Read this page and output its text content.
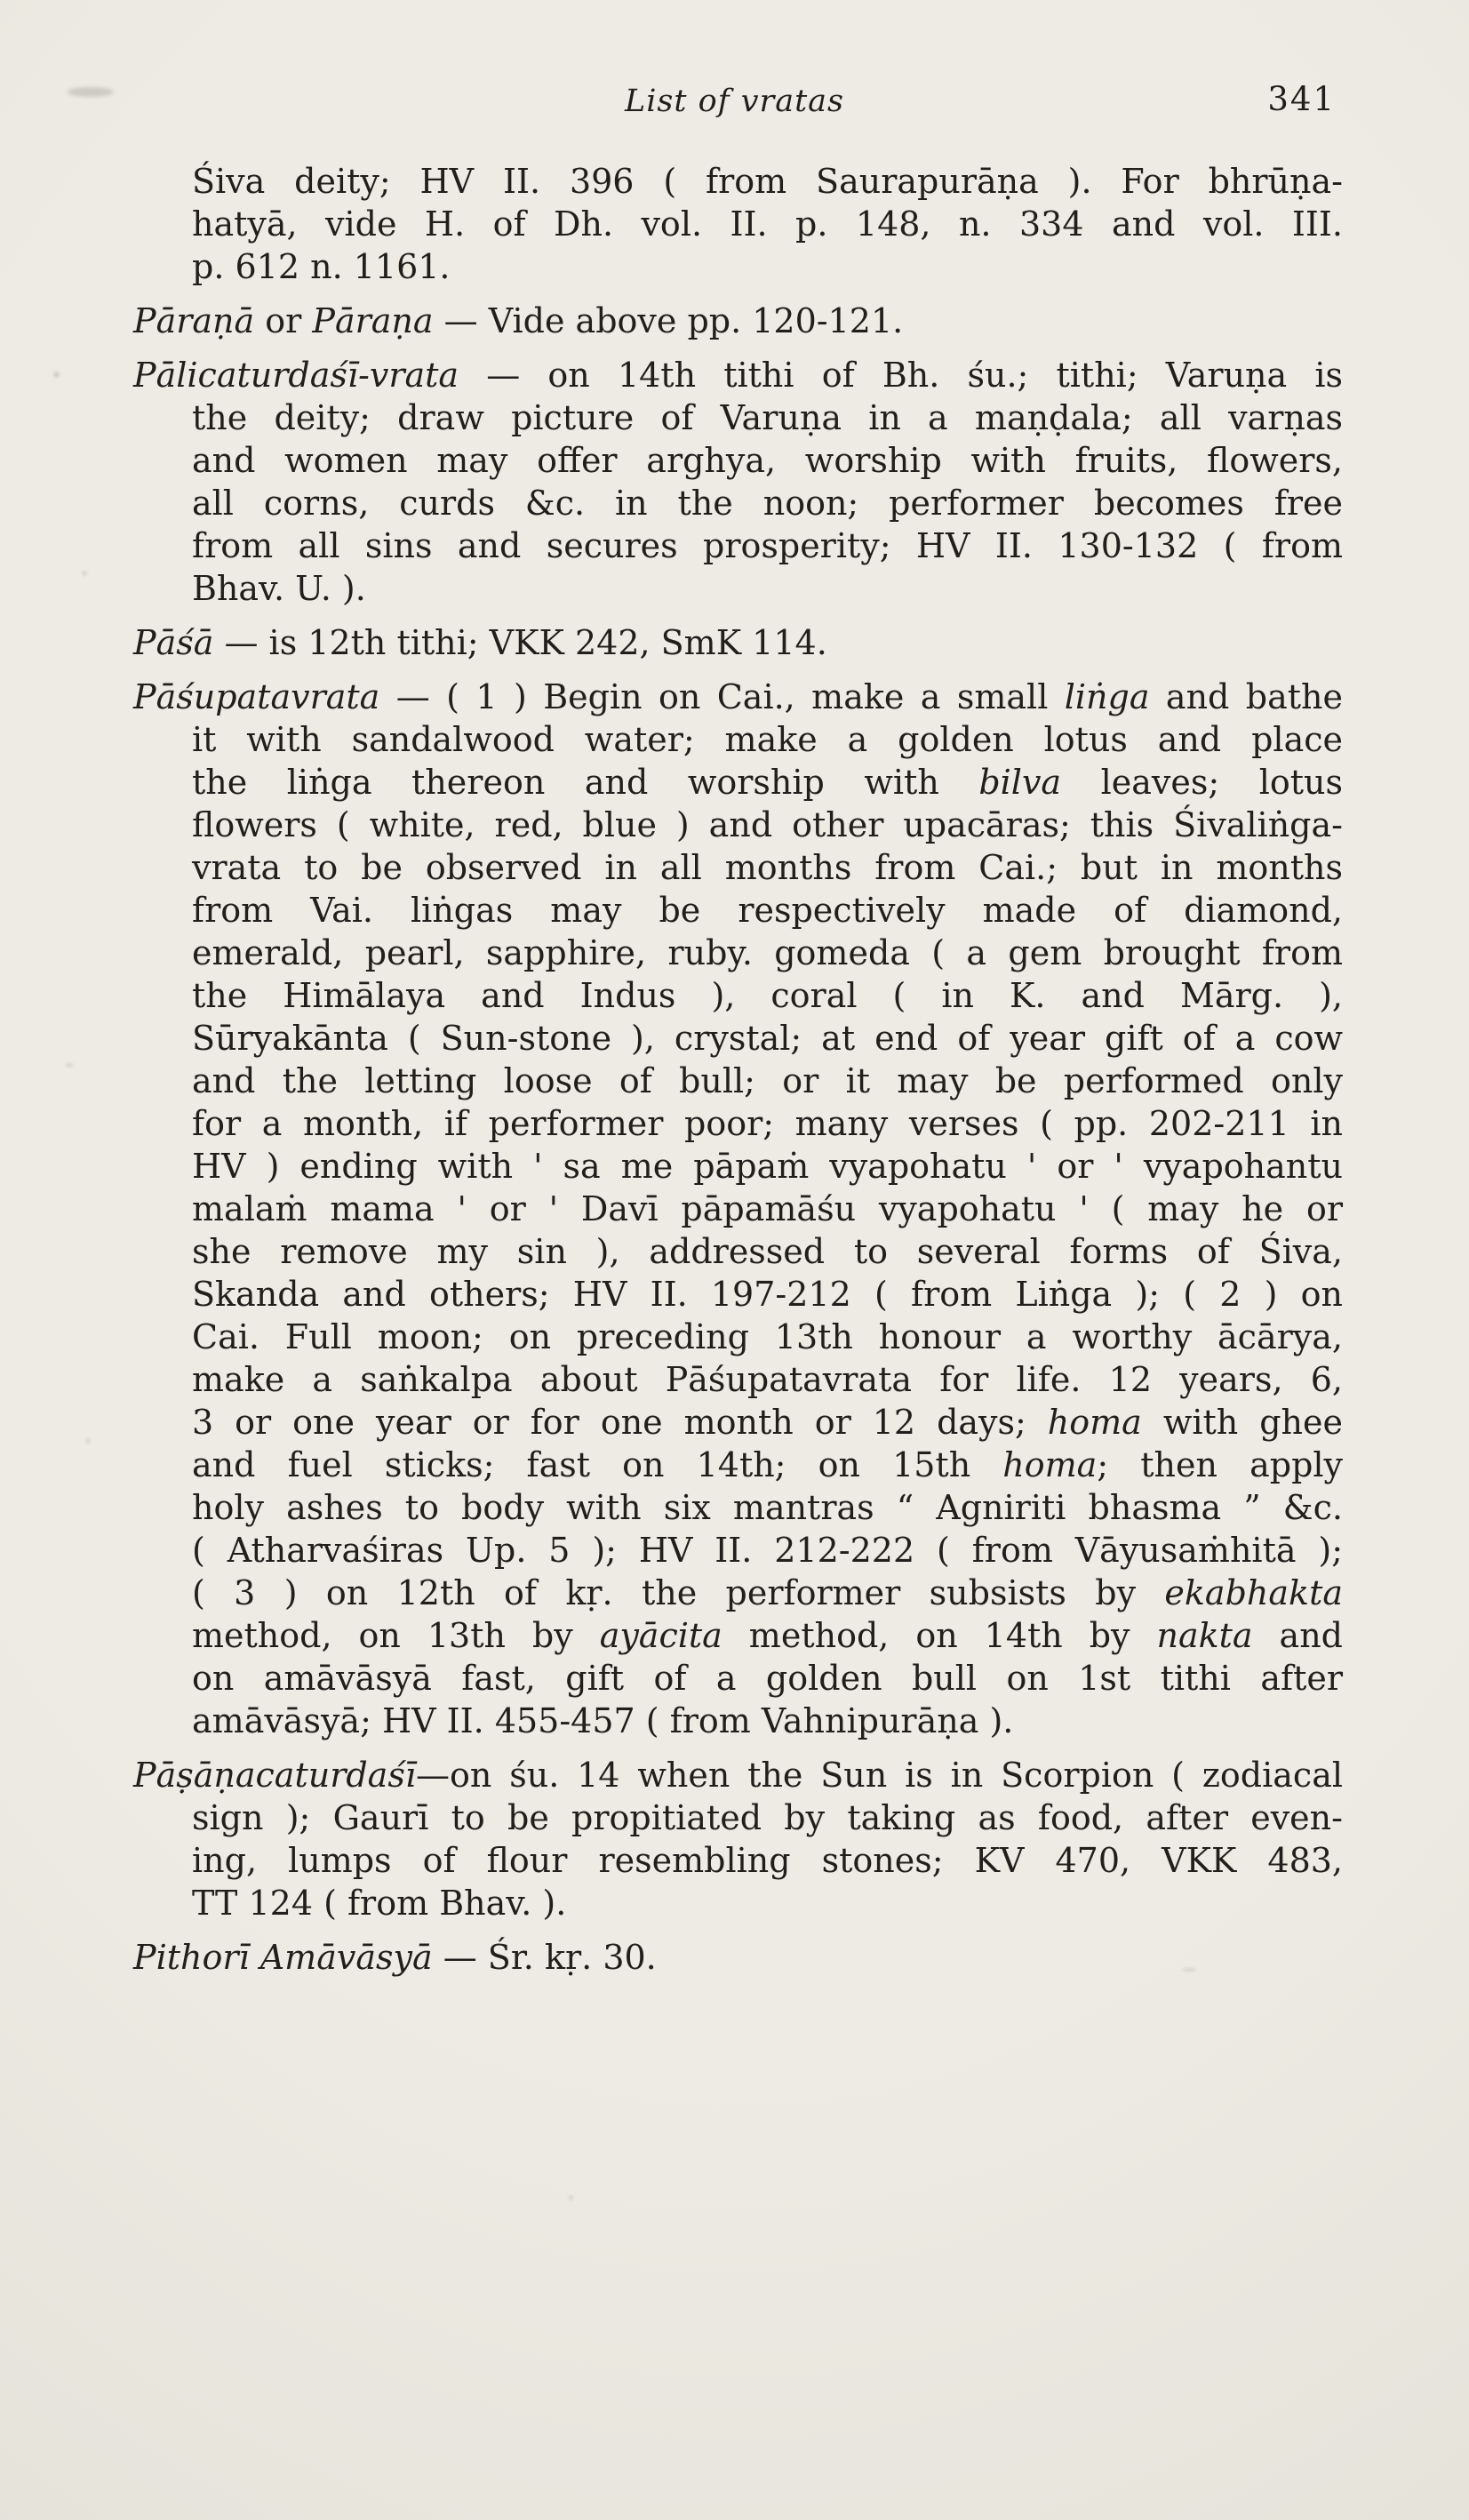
List of vratas	341
Śiva deity; HV II. 396 ( from Saurapurāṇa ). For bhrūṇa-
hatyā, vide H. of Dh. vol. II. p. 148, n. 334 and vol. III.
p. 612 n. 1161.
Pāraṇā or Pāraṇa — Vide above pp. 120-121.
Pālicaturdaśī-vrata — on 14th tithi of Bh. śu.; tithi; Varuṇa is
the deity; draw picture of Varuṇa in a maṇḍala; all varṇas
and women may offer arghya, worship with fruits, flowers,
all corns, curds &c. in the noon; performer becomes free
from all sins and secures prosperity; HV II. 130-132 ( from
Bhav. U. ).
Pāśā — is 12th tithi; VKK 242, SmK 114.
Pāśupatavrata — ( 1 ) Begin on Cai., make a small liṅga and bathe
it with sandalwood water; make a golden lotus and place
the liṅga thereon and worship with bilva leaves; lotus
flowers ( white, red, blue ) and other upacāras; this Śivaliṅga-
vrata to be observed in all months from Cai.; but in months
from Vai. liṅgas may be respectively made of diamond,
emerald, pearl, sapphire, ruby. gomeda ( a gem brought from
the Himālaya and Indus ), coral ( in K. and Mārg. ),
Sūryakānta ( Sun-stone ), crystal; at end of year gift of a cow
and the letting loose of bull; or it may be performed only
for a month, if performer poor; many verses ( pp. 202-211 in
HV ) ending with ' sa me pāpaṁ vyapohatu ' or ' vyapohantu
malaṁ mama ' or ' Davī pāpamāśu vyapohatu ' ( may he or
she remove my sin ), addressed to several forms of Śiva,
Skanda and others; HV II. 197-212 ( from Liṅga ); ( 2 ) on
Cai. Full moon; on preceding 13th honour a worthy ācārya,
make a saṅkalpa about Pāśupatavrata for life. 12 years, 6,
3 or one year or for one month or 12 days; homa with ghee
and fuel sticks; fast on 14th; on 15th homa; then apply
holy ashes to body with six mantras “ Agniriti bhasma ” &c.
( Atharvaśiras Up. 5 ); HV II. 212-222 ( from Vāyusaṁhitā );
( 3 ) on 12th of kṛ. the performer subsists by ekabhakta
method, on 13th by ayācita method, on 14th by nakta and
on amāvāsyā fast, gift of a golden bull on 1st tithi after
amāvāsyā; HV II. 455-457 ( from Vahnipurāṇa ).
Pāṣāṇacaturdaśī—on śu. 14 when the Sun is in Scorpion ( zodiacal
sign ); Gaurī to be propitiated by taking as food, after even-
ing, lumps of flour resembling stones; KV 470, VKK 483,
TT 124 ( from Bhav. ).
Pithorī Amāvāsyā — Śr. kṛ. 30.
